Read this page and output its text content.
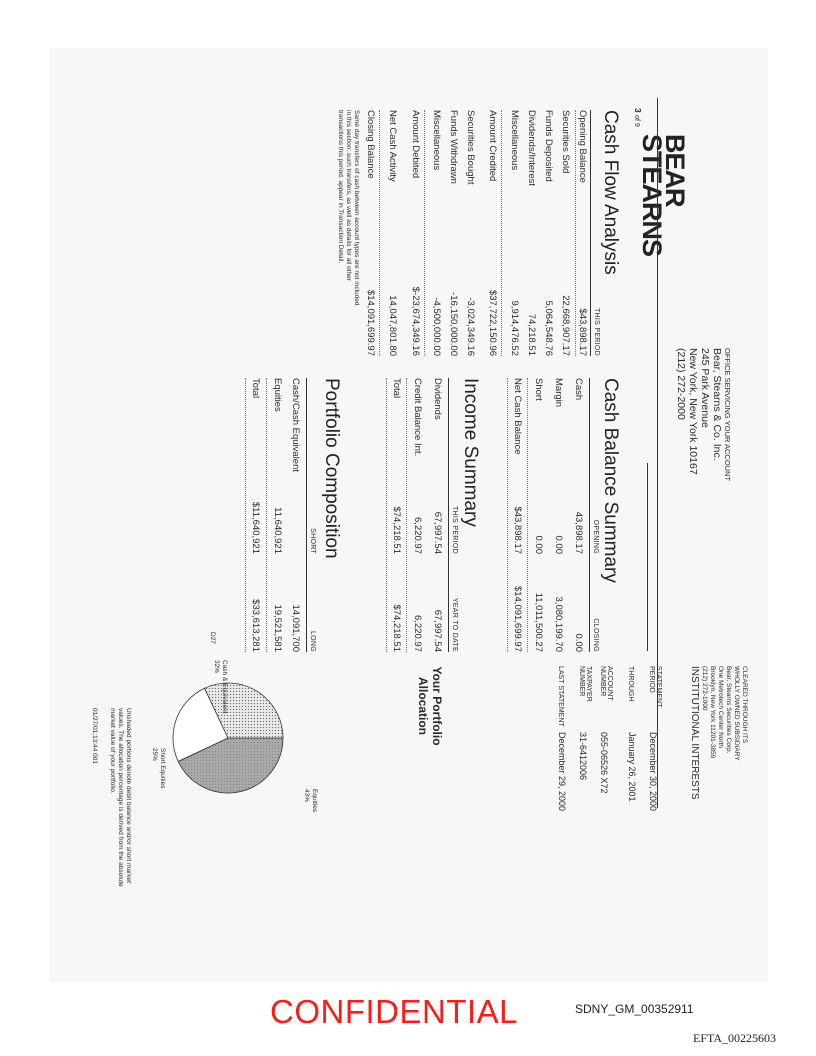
BEAR
STEARNS
3 of 9
OFFICE SERVICING YOUR ACCOUNT
Bear, Stearns & Co. Inc.
245 Park Avenue
New York, New York 10167
(212) 272-2000
CLEARED THROUGH ITS
WHOLLY OWNED SUBSIDIARY
Bear, Stearns Securities Corp.
One Metrotech Center North
Brooklyn, New York 11201-3859
(212) 272-1000
INSTITUTIONAL INTERESTS
STATEMENT PERIODDecember 30, 2000
THROUGHJanuary 26, 2001
ACCOUNT NUMBER055-06526 X72
TAXPAYER NUMBER31-6412006
LAST STATEMENTDecember 29, 2000
Cash Flow Analysis
THIS PERIOD
Opening Balance
$43,898.17
Securities Sold
22,668,907.17
Funds Deposited
5,064,548.76
Dividends/Interest
74,218.51
Miscellaneous
9,914,476.52
Amount Credited
$37,722,150.96
Securities Bought
-3,024,349.16
Funds Withdrawn
-16,150,000.00
Miscellaneous
-4,500,000.00
Amount Debited
$-23,674,349.16
Net Cash Activity
14,047,801.80
Closing Balance
$14,091,699.97
Same day transfers of cash between account types are not included in this section; such transfers, as well as details for all other transactions this period, appear in Transaction Detail.
Cash Balance Summary
OPENING
CLOSING
Cash
43,898.17
0.00
Margin
0.00
3,080,199.70
Short
0.00
11,011,500.27
Net Cash Balance
$43,898.17
$14,091,699.97
Income Summary
THIS PERIOD
YEAR TO DATE
Dividends
67,997.54
67,997.54
Credit Balance Int.
6,220.97
6,220.97
Total
$74,218.51
$74,218.51
Portfolio Composition
SHORT
LONG
Cash/Cash Equivalent
14,091,700
Equities
11,640,921
19,521,581
Total
$11,640,921
$33,613,281
D27
Your Portfolio
Allocation
Equities
43%
Short Equities
25%
Cash & Equivalent
32%
Unshaded portions denote debit balance and/or short market values. The allocation percentage is derived from the absolute market value of your portfolio.
01/27/01;13:44 001
CONFIDENTIAL	SDNY_GM_00352911
EFTA_00225603
